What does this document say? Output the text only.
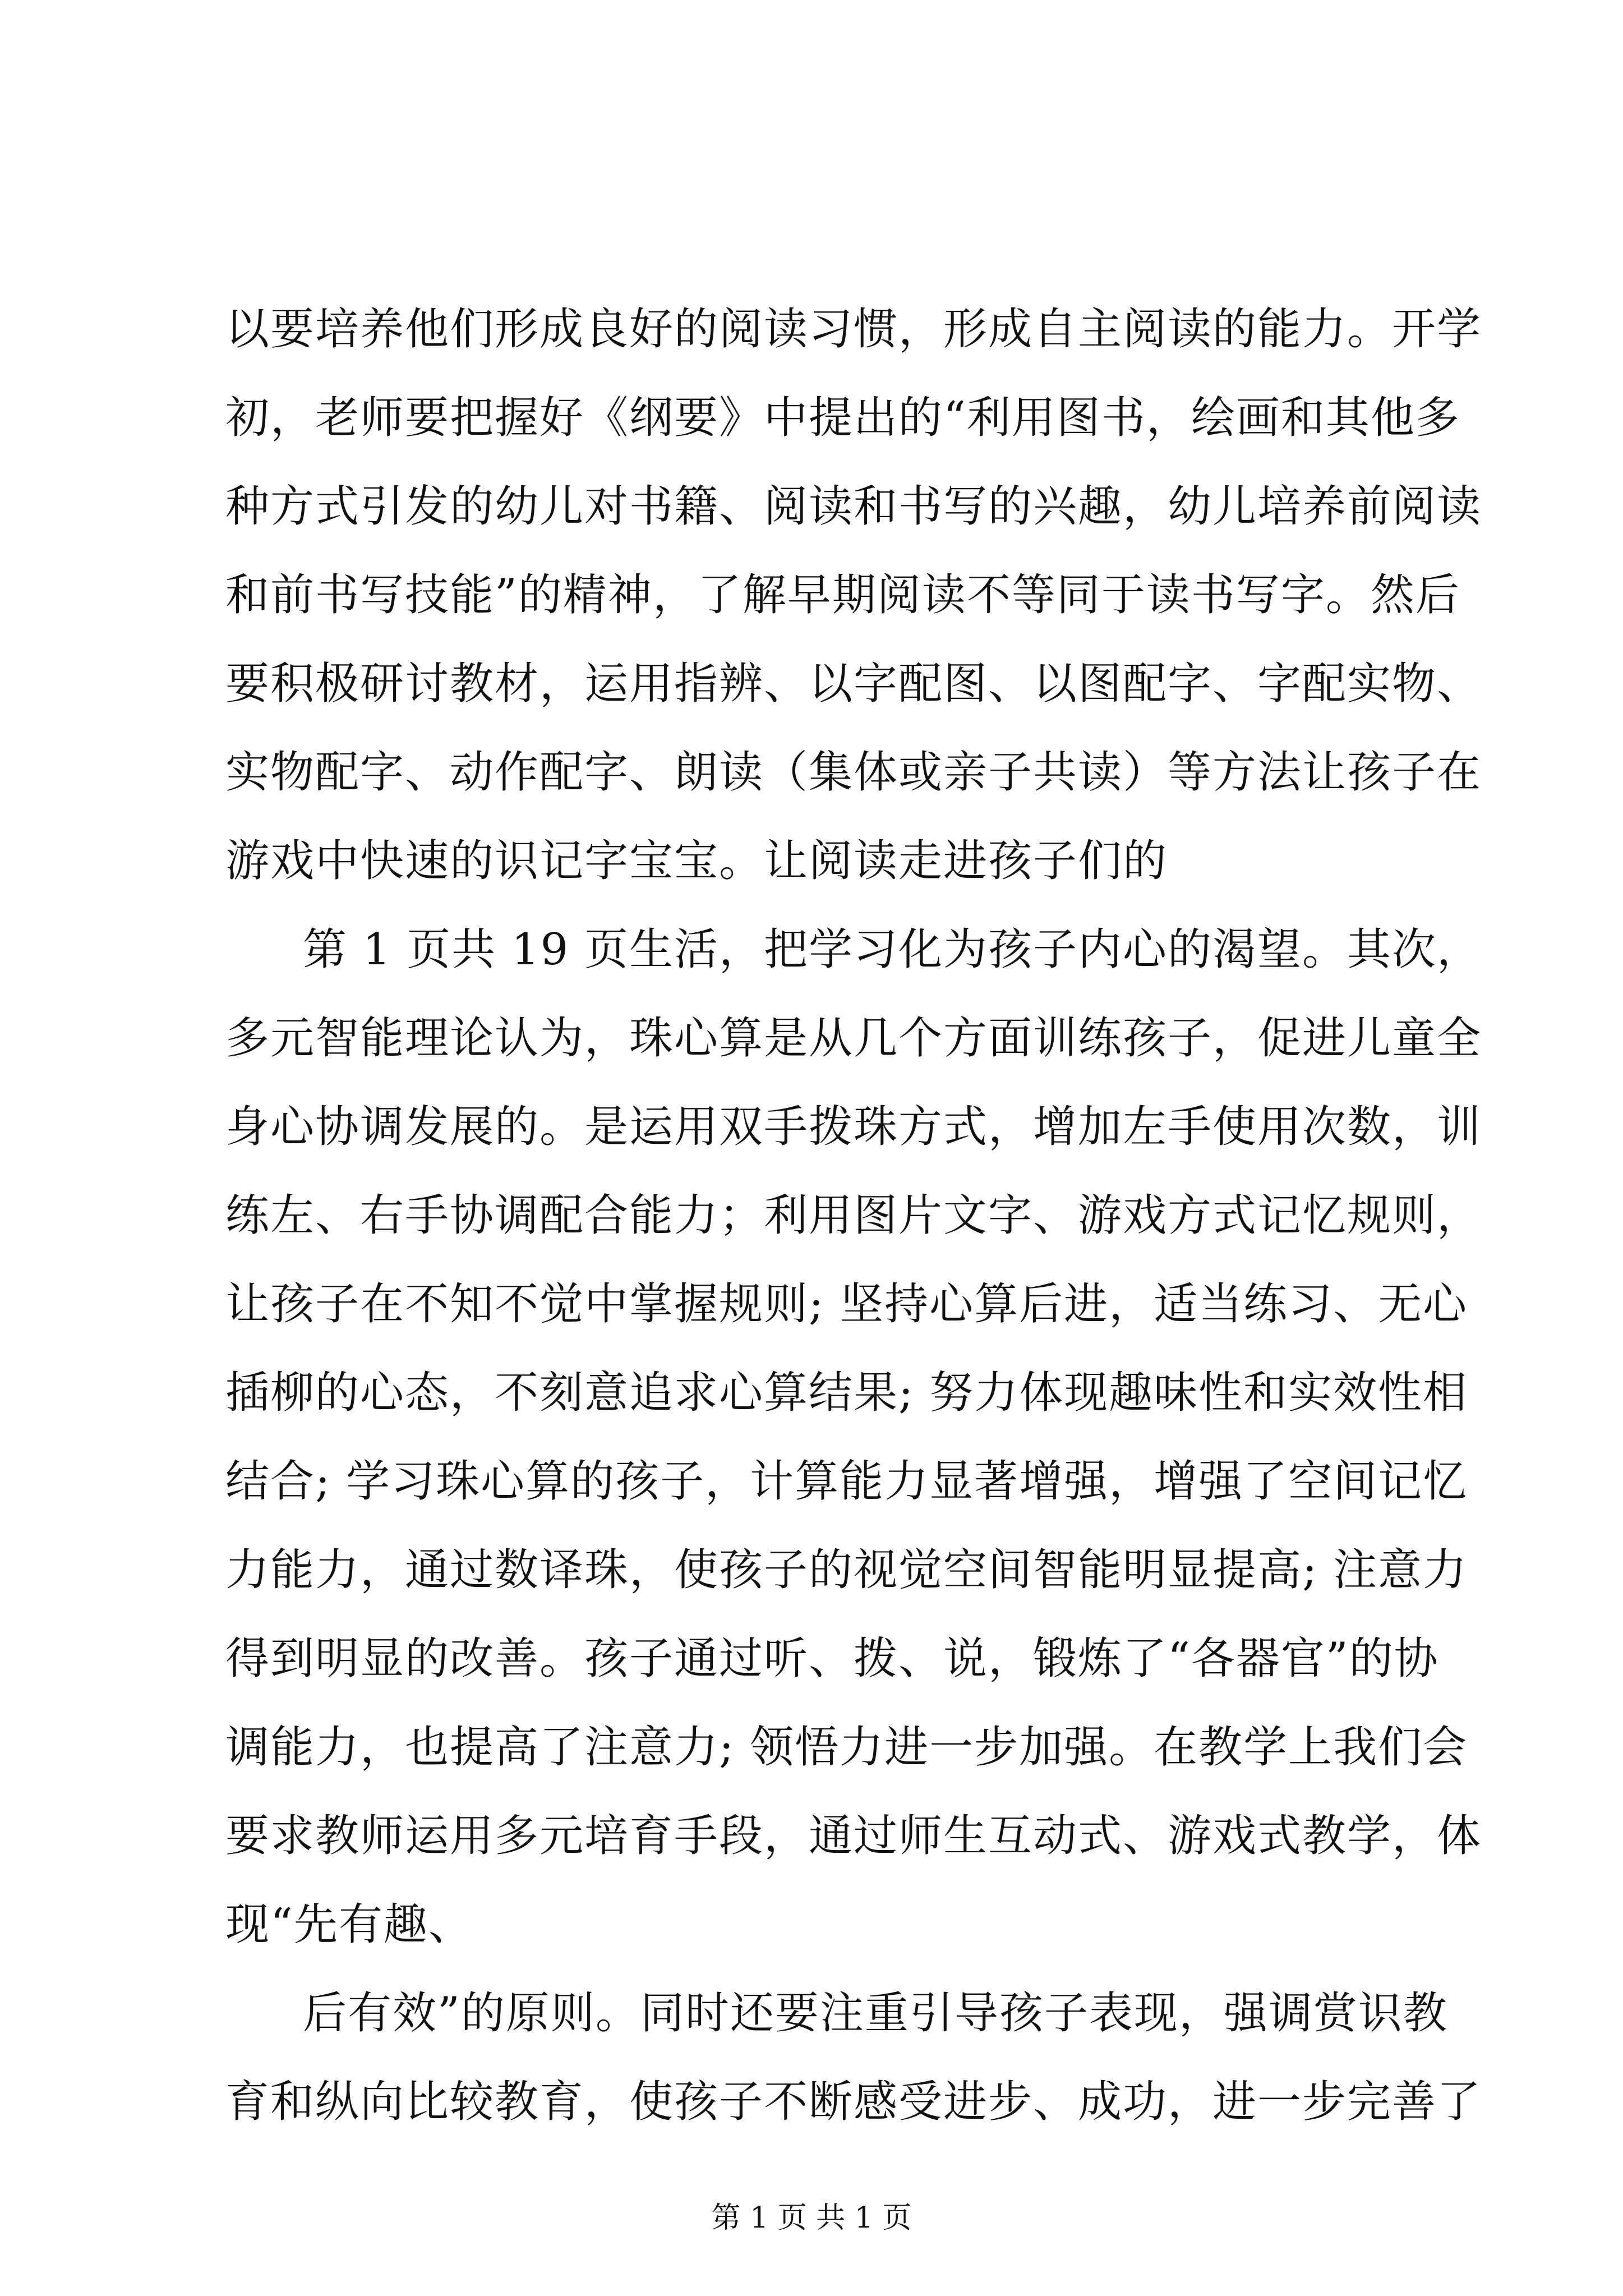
以要培养他们形成良好的阅读习惯，形成自主阅读的能力。开学
初，老师要把握好《纲要》中提出的“利用图书，绘画和其他多
种方式引发的幼儿对书籍、阅读和书写的兴趣，幼儿培养前阅读
和前书写技能”的精神，了解早期阅读不等同于读书写字。然后
要积极研讨教材，运用指辨、以字配图、以图配字、字配实物、
实物配字、动作配字、朗读（集体或亲子共读）等方法让孩子在
游戏中快速的识记字宝宝。让阅读走进孩子们的
第 1 页共 19 页生活，把学习化为孩子内心的渴望。其次，
多元智能理论认为，珠心算是从几个方面训练孩子，促进儿童全
身心协调发展的。是运用双手拨珠方式，增加左手使用次数，训
练左、右手协调配合能力；利用图片文字、游戏方式记忆规则，
让孩子在不知不觉中掌握规则; 坚持心算后进，适当练习、无心
插柳的心态，不刻意追求心算结果; 努力体现趣味性和实效性相
结合; 学习珠心算的孩子，计算能力显著增强，增强了空间记忆
力能力，通过数译珠，使孩子的视觉空间智能明显提高; 注意力
得到明显的改善。孩子通过听、拨、说，锻炼了“各器官”的协
调能力，也提高了注意力; 领悟力进一步加强。在教学上我们会
要求教师运用多元培育手段，通过师生互动式、游戏式教学，体
现“先有趣、
后有效”的原则。同时还要注重引导孩子表现，强调赏识教
育和纵向比较教育，使孩子不断感受进步、成功，进一步完善了
第 1 页 共 1 页
